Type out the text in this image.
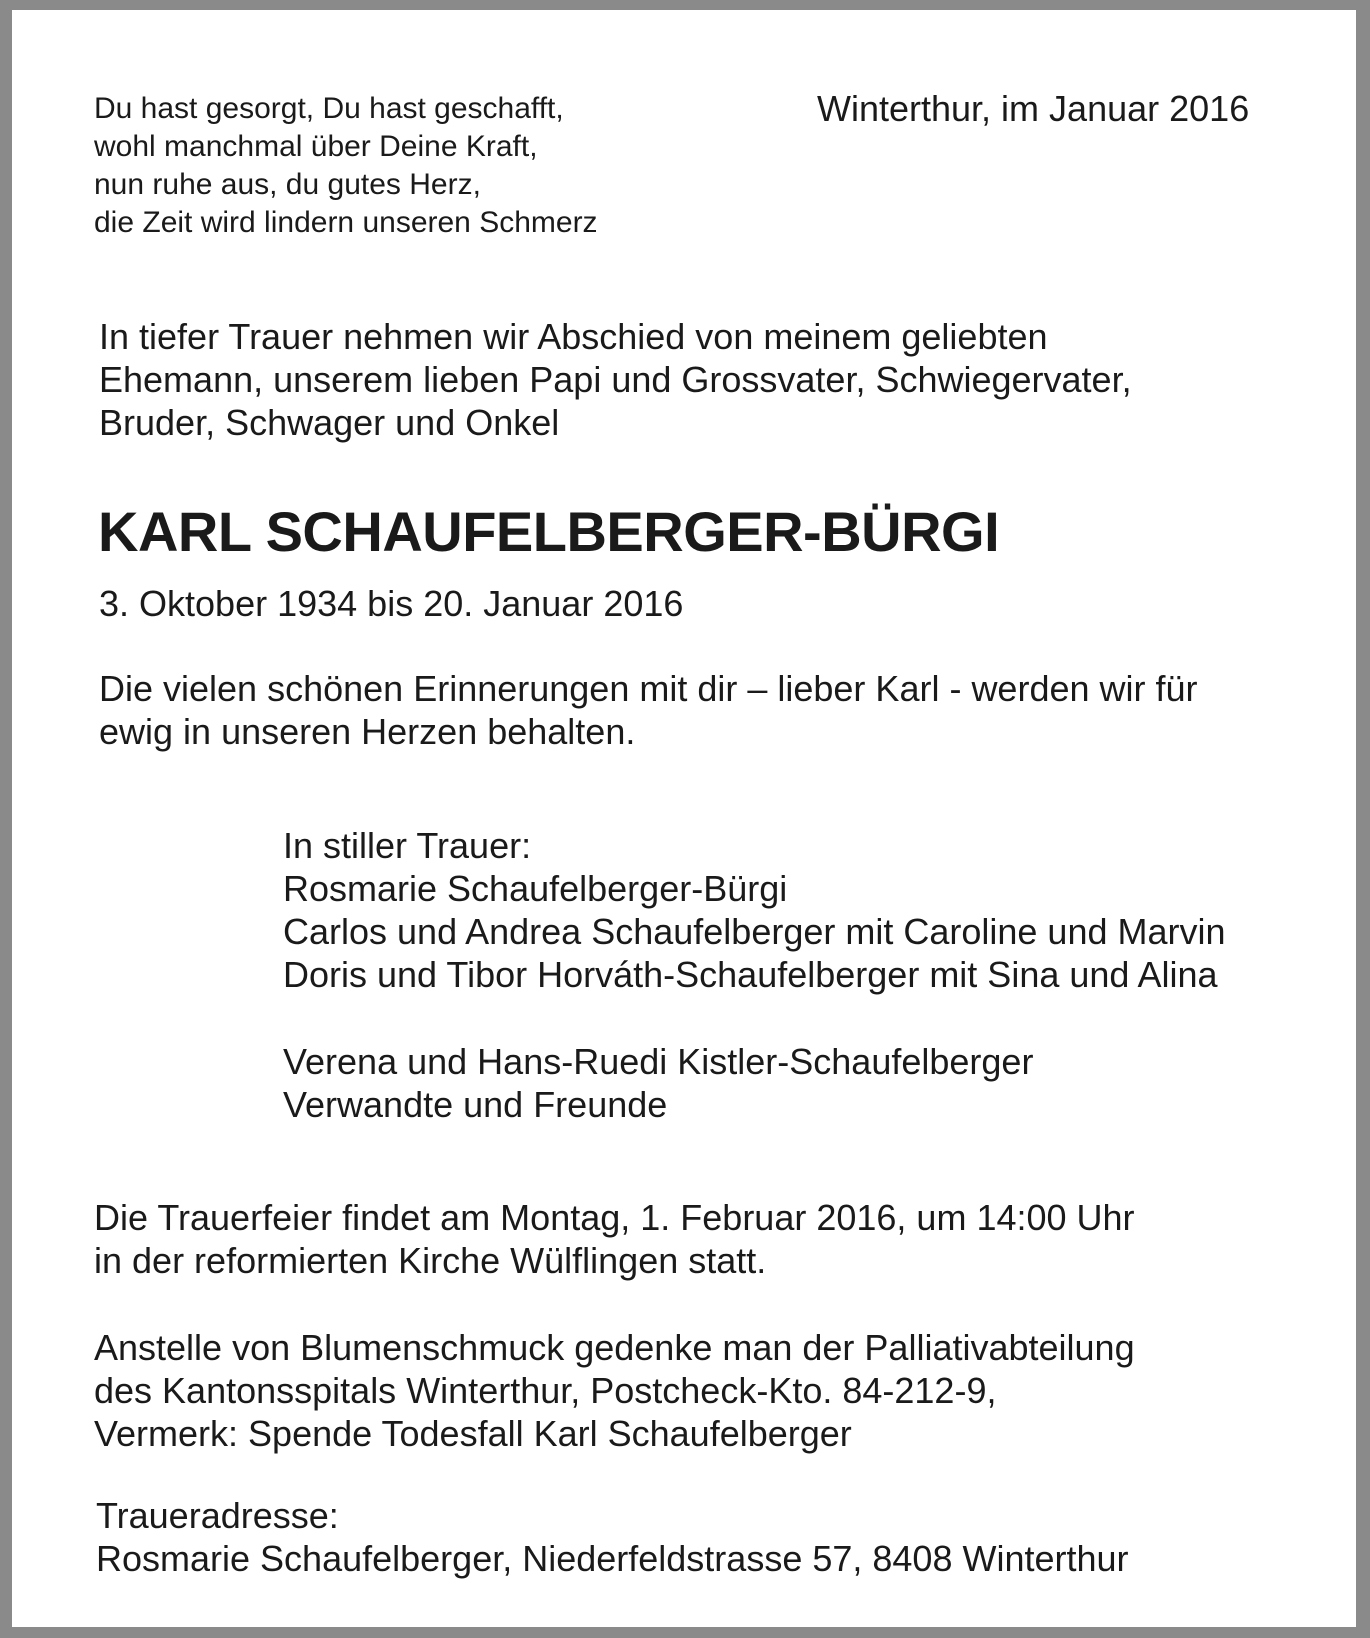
Du hast gesorgt, Du hast geschafft,
wohl manchmal über Deine Kraft,
nun ruhe aus, du gutes Herz,
die Zeit wird lindern unseren Schmerz
Winterthur, im Januar 2016
In tiefer Trauer nehmen wir Abschied von meinem geliebten
Ehemann, unserem lieben Papi und Grossvater, Schwiegervater,
Bruder, Schwager und Onkel
KARL SCHAUFELBERGER-BÜRGI
3. Oktober 1934 bis 20. Januar 2016
Die vielen schönen Erinnerungen mit dir – lieber Karl - werden wir für
ewig in unseren Herzen behalten.
In stiller Trauer:
Rosmarie Schaufelberger-Bürgi
Carlos und Andrea Schaufelberger mit Caroline und Marvin
Doris und Tibor Horváth-Schaufelberger mit Sina und Alina
Verena und Hans-Ruedi Kistler-Schaufelberger
Verwandte und Freunde
Die Trauerfeier findet am Montag, 1. Februar 2016, um 14:00 Uhr
in der reformierten Kirche Wülflingen statt.
Anstelle von Blumenschmuck gedenke man der Palliativabteilung
des Kantonsspitals Winterthur, Postcheck-Kto. 84-212-9,
Vermerk: Spende Todesfall Karl Schaufelberger
Traueradresse:
Rosmarie Schaufelberger, Niederfeldstrasse 57, 8408 Winterthur
